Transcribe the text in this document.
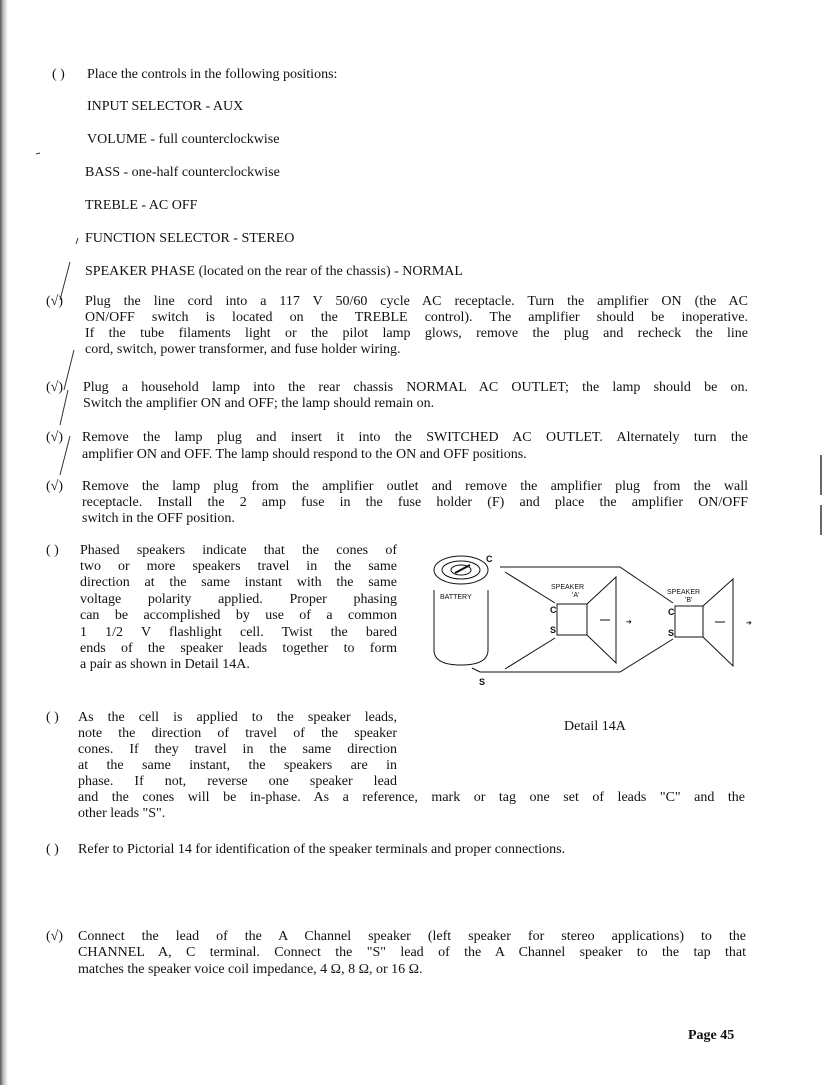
( ) Place the controls in the following positions:
INPUT SELECTOR - AUX
VOLUME - full counterclockwise
BASS - one-half counterclockwise
TREBLE - AC OFF
FUNCTION SELECTOR - STEREO
SPEAKER PHASE (located on the rear of the chassis) - NORMAL
(√) Plug the line cord into a 117 V 50/60 cycle AC receptacle. Turn the amplifier ON (the AC
ON/OFF switch is located on the TREBLE control). The amplifier should be inoperative.
If the tube filaments light or the pilot lamp glows, remove the plug and recheck the line
cord, switch, power transformer, and fuse holder wiring.
(√) Plug a household lamp into the rear chassis NORMAL AC OUTLET; the lamp should be on.
Switch the amplifier ON and OFF; the lamp should remain on.
(√) Remove the lamp plug and insert it into the SWITCHED AC OUTLET. Alternately turn the
amplifier ON and OFF. The lamp should respond to the ON and OFF positions.
(√) Remove the lamp plug from the amplifier outlet and remove the amplifier plug from the wall
receptacle. Install the 2 amp fuse in the fuse holder (F) and place the amplifier ON/OFF
switch in the OFF position.
( ) Phased speakers indicate that the cones of
two or more speakers travel in the same
direction at the same instant with the same
voltage polarity applied. Proper phasing
can be accomplished by use of a common
1 1/2 V flashlight cell. Twist the bared
ends of the speaker leads together to form
a pair as shown in Detail 14A.
( ) As the cell is applied to the speaker leads,
note the direction of travel of the speaker
cones. If they travel in the same direction
at the same instant, the speakers are in
phase. If not, reverse one speaker lead
and the cones will be in-phase. As a reference, mark or tag one set of leads "C" and the
other leads "S".
( ) Refer to Pictorial 14 for identification of the speaker terminals and proper connections.
(√) Connect the lead of the A Channel speaker (left speaker for stereo applications) to the
CHANNEL A, C terminal. Connect the "S" lead of the A Channel speaker to the tap that
matches the speaker voice coil impedance, 4 Ω, 8 Ω, or 16 Ω.
BATTERY
C
S
C
S
SPEAKER
'A'
➔
C
S
SPEAKER
'B'
➔
Detail 14A
Page 45
